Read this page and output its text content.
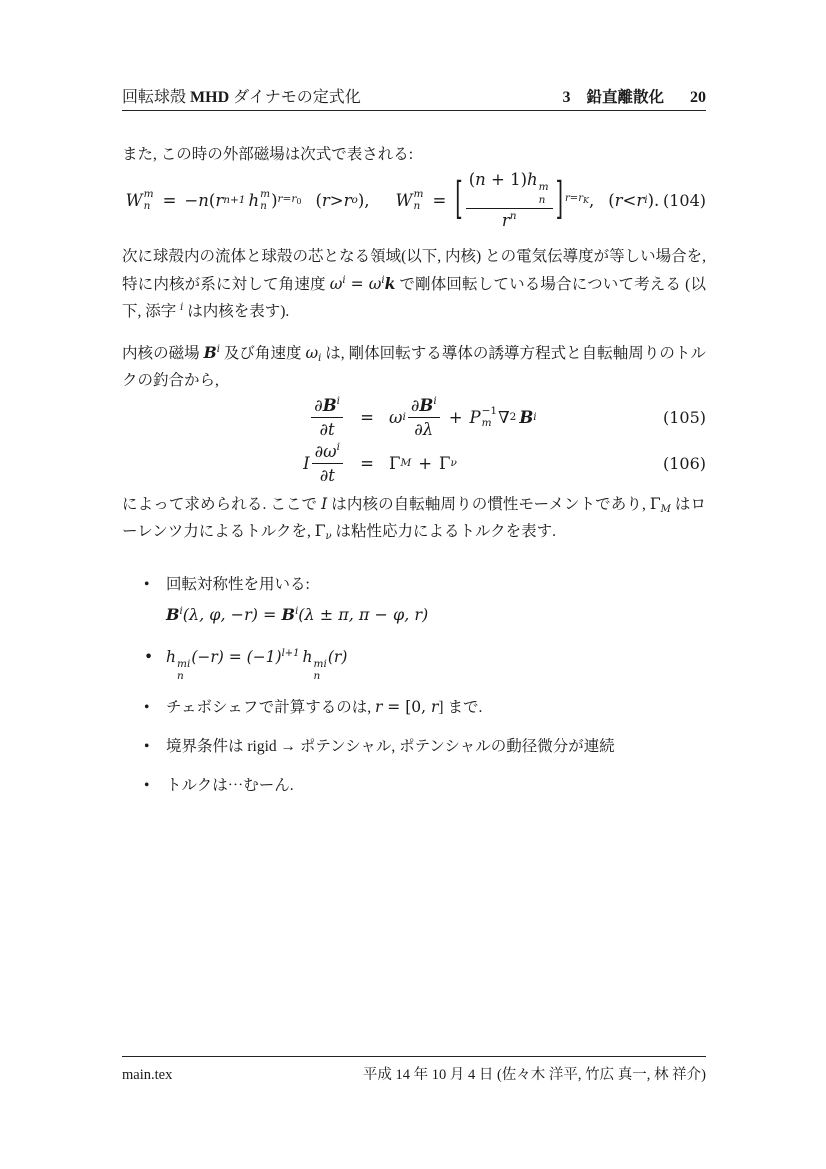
回転球殻 MHD ダイナモの定式化	3 鉛直離散化 20
また, この時の外部磁場は次式で表される:
W m
n = − n ( r n+1 h m
n ) r=r0 ( r > r o ), W m
n = [ (n + 1)h m
n
$r^n$ ] $r=r_K$ , ( r < r i ). (104)
次に球殻内の流体と球殻の芯となる領域(以下, 内核) との電気伝導度が等しい場合を, 特に内核が系に対して角速度 $\omega^i = \omega^ik$ で剛体回転している場合について考える (以下, 添字 $^i$ は内核を表す).
内核の磁場 $B^i$ 及び角速度 ωi は, 剛体回転する導体の誘導方程式と自転軸周りのトルクの釣合から,
$\frac{\partial B^i}{\partial t}$	= ω i $\frac{\partial B^i}{\partial\lambda} + P -1$
m ∇ 2 B i	(105)
I $\frac{\partial\omega^i}{\partial t}$	= Γ M + Γ ν	(106)
によって求められる. ここで I は内核の自転軸周りの慣性モーメントであり, ΓM はローレンツ力によるトルクを, Γν は粘性応力によるトルクを表す.
• 回転対称性を用いる:
$B^i(\lambda$, φ, $-r) = B^i(\lambda \pm \pi$, π − φ, r)
• h mi
n
$(-r) = (-1)^{l+1}$ h mi
n
(r)
• チェボシェフで計算するのは, r = [0, r] まで.
• 境界条件は rigid → ポテンシャル, ポテンシャルの動径微分が連続
• トルクは⋯むーん.
main.tex	平成 14 年 10 月 4 日 (佐々木 洋平, 竹広 真一, 林 祥介)
